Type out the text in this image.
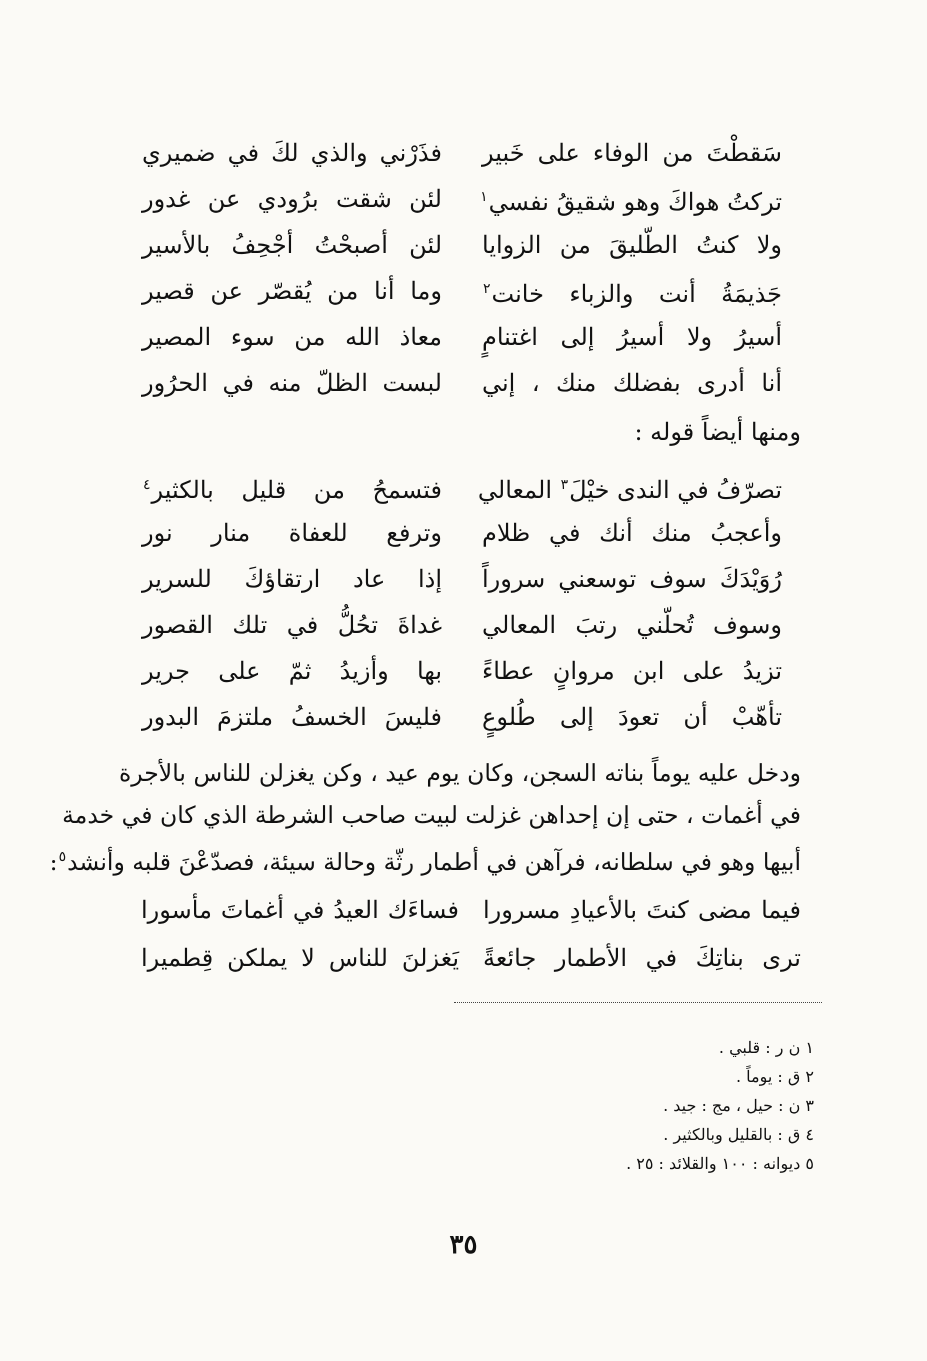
سَقطْتَ من الوفاء على خَبير
فذَرْني والذي لكَ في ضميري
تركتُ هواكَ وهو شقيقُ نفسي$^١$
لئن شقت برُودي عن غدور
ولا كنتُ الطّليقَ من الزوايا
لئن أصبحْتُ أجْحِفُ بالأسير
جَذيمَةُ أنت والزباء خانت$^٢$
وما أنا من يُقصّر عن قصير
أسيرُ ولا أسيرُ إلى اغتنامٍ
معاذ الله من سوء المصير
أنا أدرى بفضلك منك ، إني
لبست الظلّ منه في الحرُور
ومنها أيضاً قوله :
تصرّفُ في الندى خيْلَ$^٣$ المعالي
فتسمحُ من قليل بالكثير$^٤$
وأعجبُ منك أنك في ظلام
وترفع للعفاة منار نور
رُوَيْدَكَ سوف توسعني سروراً
إذا عاد ارتقاؤكَ للسرير
وسوف تُحلّني رتبَ المعالي
غداةَ تحُلُّ في تلك القصور
تزيدُ على ابن مروانٍ عطاءً
بها وأزيدُ ثمّ على جرير
تأهّبْ أن تعودَ إلى طُلوعٍ
فليسَ الخسفُ ملتزمَ البدور
ودخل عليه يوماً بناته السجن، وكان يوم عيد ، وكن يغزلن للناس بالأجرة
في أغمات ، حتى إن إحداهن غزلت لبيت صاحب الشرطة الذي كان في خدمة
أبيها وهو في سلطانه، فرآهن في أطمار رثّة وحالة سيئة، فصدّعْنَ قلبه وأنشد$^٥$:
فيما مضى كنتَ بالأعيادِ مسرورا
فساءَك العيدُ في أغماتَ مأسورا
ترى بناتِكَ في الأطمار جائعةً
يَغزلنَ للناس لا يملكن قِطميرا
١ ن ر : قلبي .
٢ ق : يوماً .
٣ ن : حيل ، مج : جيد .
٤ ق : بالقليل وبالكثير .
٥ ديوانه : ١٠٠ والقلائد : ٢٥ .
٣٥
